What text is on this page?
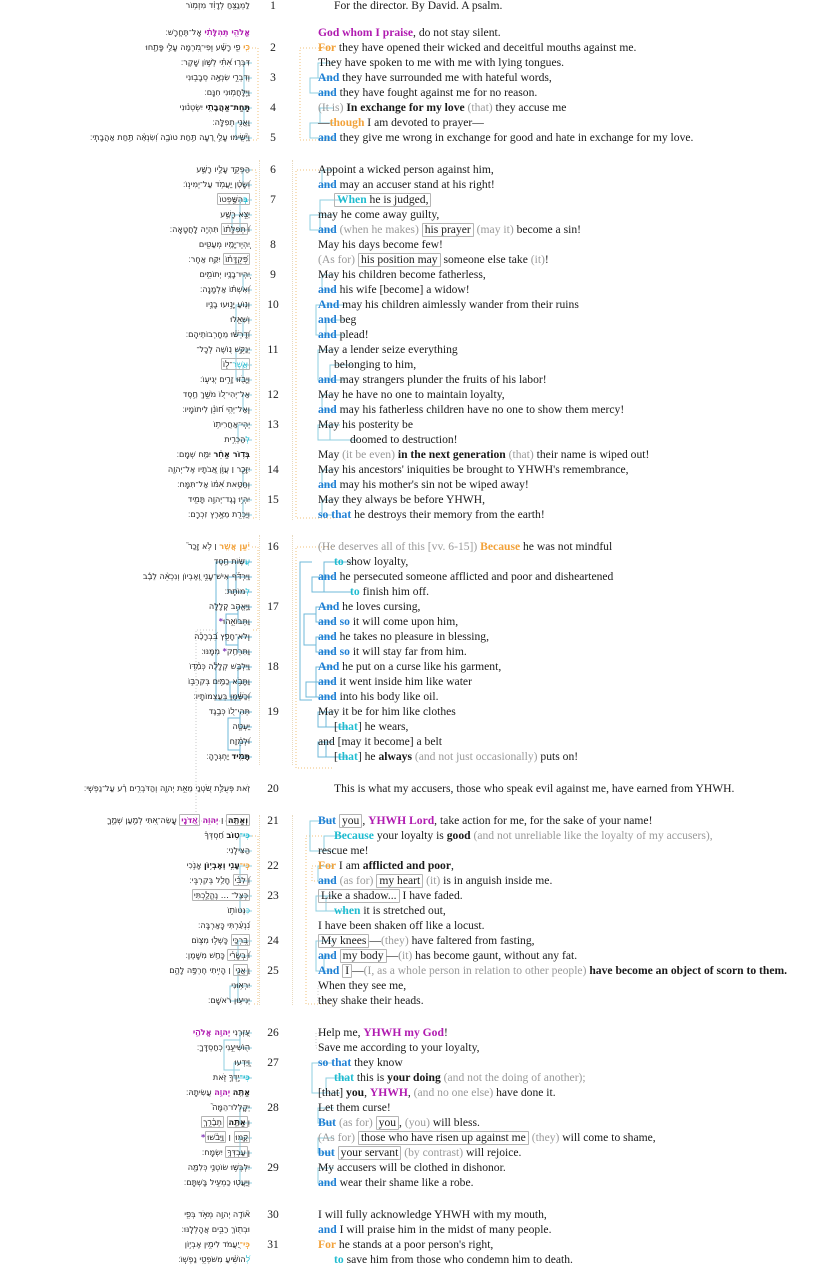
לַמְנַצֵּ֥חַ לְדָוִ֗ד מִזְמ֥וֹר	1	For the director. By David. A psalm.
אֱלֹהֵ֥י תְהִלָּתִ֗י אַֽל־תֶּחֱרַֽשׁ׃	God whom I praise, do not stay silent.
כִּ֤י פִ֪י רָשָׁ֡ע וּֽפִי־מִ֭רְמָה עָלַ֣י פָּתָ֑חוּ	2	For they have opened their wicked and deceitful mouths against me.
דִּבְּר֥וּ אִ֝תִּ֗י לְשׁ֣וֹן שָֽׁקֶר׃	They have spoken to me with me with lying tongues.
וְדִבְרֵ֣י שִׂנְאָ֣ה סְבָב֑וּנִי	3	And they have surrounded me with hateful words,
וַיִּֽלָּחֲמ֥וּנִי חִנָּֽם׃	and they have fought against me for no reason.
תַּֽחַת־אַהֲבָתִ֥י יִשְׂטְנ֗וּנִי	4	(It is) In exchange for my love (that) they accuse me
וַאֲנִ֥י תְפִלָּֽה׃	—though I am devoted to prayer—
וַיָּ֘שִׂ֤ימוּ עָלַ֣י רָ֭עָה תַּ֣חַת טוֹבָ֑ה וְ֝שִׂנְאָ֗ה תַּ֣חַת אַהֲבָתִֽי׃	5	and they give me wrong in exchange for good and hate in exchange for my love.
הַפְקֵ֣ד עָלָ֣יו רָשָׁ֑ע	6	Appoint a wicked person against him,
וְ֝שָׂטָ֗ן יַעֲמֹ֥ד עַל־יְמִינֽוֹ׃	and may an accuser stand at his right!
בְּהִשָּׁ֣פְטוֹ	7	When he is judged,
יֵצֵ֣א רָשָׁ֑ע	may he come away guilty,
וּ֝תְפִלָּת֗וֹ תִּהְיֶ֥ה לַֽחֲטָאָֽה׃	and (when he makes) his prayer (may it) become a sin!
יִֽהְיֽוּ־יָמָ֥יו מְעַטִּ֑ים	8	May his days become few!
פְּ֝קֻדָּת֗וֹ יִקַּ֥ח אַחֵֽר׃	(As for) his position may someone else take (it)!
יִֽהְיוּ־בָנָ֥יו יְתוֹמִ֑ים	9	May his children become fatherless,
וְ֝אִשְׁתּ֗וֹ אַלְמָנָֽה׃	and his wife [become] a widow!
וְנ֤וֹעַ יָנ֣וּעוּ בָנָ֣יו	10	And may his children aimlessly wander from their ruins
וְשִׁאֵ֑לוּ	and beg
וְ֝דָרְשׁ֗וּ מֵחָרְבוֹתֵיהֶֽם׃	and plead!
יְנַקֵּ֣שׁ נ֭וֹשֶׁה לְכָל־	11	May a lender seize everything
אֲשֶׁר־ל֑וֹ	belonging to him,
וְיָבֹ֖זּוּ זָרִ֣ים יְגִיעֽוֹ׃	and may strangers plunder the fruits of his labor!
אַל־יְהִי־ל֭וֹ מֹשֵׁ֣ךְ חָ֑סֶד	12	May he have no one to maintain loyalty,
וְֽאַל־יְהִ֥י ח֝וֹנֵ֗ן לִיתוֹמָֽיו׃	and may his fatherless children have no one to show them mercy!
יְהִֽי־אַחֲרִית֥וֹ	13	May his posterity be
לְהַכְרִ֑ית	doomed to destruction!
בְּד֥וֹר אַחֵ֗ר יִמַּ֥ח שְׁמָֽם׃	May (it be even) in the next generation (that) their name is wiped out!
יִזָּכֵ֤ר ׀ עֲוֺ֣ן אֲ֭בֹתָיו אֶל־יְהוָ֑ה	14	May his ancestors' iniquities be brought to YHWH's remembrance,
וְחַטַּ֥את אִ֝מּ֗וֹ אַל־תִּמָּֽח׃	and may his mother's sin not be wiped away!
יִהְי֣וּ נֶֽגֶד־יְהוָ֣ה תָּמִ֑יד	15	May they always be before YHWH,
וְיַכְרֵ֖ת מֵאֶ֣רֶץ זִכְרָֽם׃	so that he destroys their memory from the earth!
יַ֗עַן אֲשֶׁ֤ר ׀ לֹ֥א זָכַר֮	16	(He deserves all of this [vv. 6-15]) Because he was not mindful
עֲשׂ֪וֹת חָ֥סֶד	to show loyalty,
וַיִּרְדֹּ֡ף אִישׁ־עָנִ֣י וְ֭אֶבְיוֹן וְנִכְאֵ֨ה לֵבָ֬ב	and he persecuted someone afflicted and poor and disheartened
לְמוֹתֵֽת׃	to finish him off.
וַיֶּאֱהַ֣ב קְ֭לָלָה	17	And he loves cursing,
וַתְּבוֹאֵ֑הוּ*	and so it will come upon him,
וְֽלֹא־חָפֵ֥ץ בִּ֝בְרָכָ֗ה	and he takes no pleasure in blessing,
וַתִּרְחַ֥ק* מִמֶּֽנּוּ׃	and so it will stay far from him.
וַיִּלְבַּ֥שׁ קְלָלָ֗ה כְּמַ֫דּ֥וֹ	18	And he put on a curse like his garment,
וַתָּבֹ֣א כַמַּ֣יִם בְּקִרְבּ֑וֹ	and it went inside him like water
וְ֝כַשֶּׁ֗מֶן בְּעַצְמוֹתָֽיו׃	and into his body like oil.
תְּהִי־ל֭וֹ כְּבֶ֣גֶד	19	May it be for him like clothes
יַעְטֶ֑ה	[that] he wears,
וּ֝לְמֵ֗זַח	and [may it become] a belt
תָּמִ֥יד יַחְגְּרֶֽהָ׃	[that] he always (and not just occasionally) puts on!
זֹ֤את פְּעֻלַּ֣ת שֹׂ֭טְנַי מֵאֵ֣ת יְהוָ֑ה וְהַדֹּבְרִ֥ים רָ֗ע עַל־נַפְשִֽׁי׃	20	This is what my accusers, those who speak evil against me, have earned from YHWH.
וְאַתָּ֤ה ׀ יְהוִ֣ה אֲ֭דֹנָי עֲֽשֵׂה־אִ֭תִּי לְמַ֣עַן שְׁמֶ֑ךָ	21	But you , YHWH Lord, take action for me, for the sake of your name!
כִּי־ט֥וֹב חַ֝סְדְּךָ֗	Because your loyalty is good (and not unreliable like the loyalty of my accusers),
הַצִּילֵֽנִי׃	rescue me!
כִּֽי־עָנִ֣י וְאֶבְי֣וֹן אָנֹ֑כִי	22	For I am afflicted and poor,
וְ֝לִבִּ֗י חָלַ֥ל בְּקִרְבִּֽי׃	and (as for) my heart (it) is in anguish inside me.
כְּצֵל־ … נֶהֱלָ֑כְתִּי	23	Like a shadow... I have faded.
כִּנְטוֹת֣וֹ	when it is stretched out,
נִ֝נְעַ֗רְתִּי כָּֽאַרְבֶּֽה׃	I have been shaken off like a locust.
בִּ֭רְכַּי כָּשְׁל֣וּ מִצּ֑וֹם	24	My knees —(they) have faltered from fasting,
וּ֝בְשָׂרִ֗י כָּחַ֥שׁ מִשָּֽׁמֶן׃	and my body —(it) has become gaunt, without any fat.
וַאֲנִ֤י ׀ הָיִ֣יתִי חֶרְפָּ֣ה לָהֶ֑ם	25	And I —(I, as a whole person in relation to other people) have become an object of scorn to them.
יִרְא֥וּנִי	When they see me,
יְנִיע֥וּן רֹאשָֽׁם׃	they shake their heads.
עָ֭זְרֵנִי יְהוָ֣ה אֱלֹהָ֑י	26	Help me, YHWH my God!
ה֖וֹשִׁיעֵ֣נִי כְחַסְדֶּֽךָ׃	Save me according to your loyalty,
וְֽ֭יֵדְעוּ	27	so that they know
כִּי־יָ֣דְךָ֣ זֹּ֑את	that this is your doing (and not the doing of another);
אַתָּ֖ה יְהוָ֣ה עֲשִׂיתָֽהּ׃	[that] you, YHWH, (and no one else) have done it.
יְקַֽלְלוּ־הֵמָּה֮	28	Let them curse!
וְאַתָּ֪ה תְבָ֫רֵ֥ךְ	But (as for) you , (you) will bless.
קָ֤מוּ ׀ וַיֵּבֹ֗שׁוּ*	(As for) those who have risen up against me (they) will come to shame,
וְֽעַבְדְּךָ֥ יִשְׂמָֽח׃	but your servant (by contrast) will rejoice.
יִלְבְּשׁ֣וּ שׂוֹטְנַ֣י כְּלִמָּ֑ה	29	My accusers will be clothed in dishonor.
וְיַעֲט֖וּ כַמְעִ֣יל בָּשְׁתָּֽם׃	and wear their shame like a robe.
א֘וֹדֶ֤ה יְהוָ֣ה מְאֹ֣ד בְּפִ֑י	30	I will fully acknowledge YHWH with my mouth,
וּבְת֖וֹךְ רַבִּ֣ים אֲהַֽלְלֶֽנּוּ׃	and I will praise him in the midst of many people.
כִּֽי־יַ֭עֲמֹד לִימִ֣ין אֶבְי֑וֹן	31	For he stands at a poor person's right,
לְ֝הוֹשִׁ֗יעַ מִשֹּׁפְטֵ֥י נַפְשֽׁוֹ׃	to save him from those who condemn him to death.
